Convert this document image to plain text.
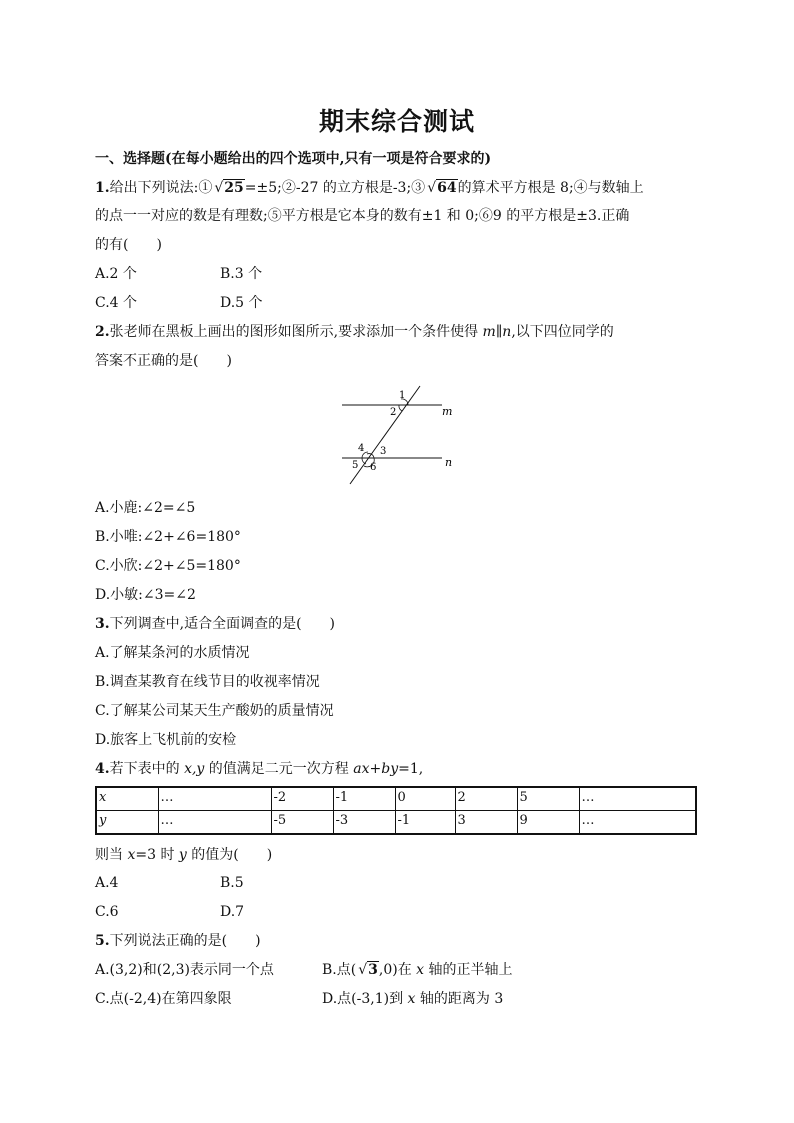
期末综合测试
一、选择题(在每小题给出的四个选项中,只有一项是符合要求的)
1.给出下列说法:① √25=±5;②-27 的立方根是-3;③ √64的算术平方根是 8;④与数轴上
的点一一对应的数是有理数;⑤平方根是它本身的数有±1 和 0;⑥9 的平方根是±3.正确
的有(　　)
A.2 个	B.3 个
C.4 个	D.5 个
2.张老师在黑板上画出的图形如图所示,要求添加一个条件使得 m∥n,以下四位同学的
答案不正确的是(　　)
1
2
3
4
5 6
m
n
A.小鹿:∠2=∠5
B.小唯:∠2+∠6=180°
C.小欣:∠2+∠5=180°
D.小敏:∠3=∠2
3.下列调查中,适合全面调查的是(　　)
A.了解某条河的水质情况
B.调查某教育在线节目的收视率情况
C.了解某公司某天生产酸奶的质量情况
D.旅客上飞机前的安检
4.若下表中的 x,y 的值满足二元一次方程 ax+by=1,
x	…	-2	-1	0	2	5	…
y	…	-5	-3	-1	3	9	…
则当 x=3 时 y 的值为(　　)
A.4	B.5
C.6	D.7
5.下列说法正确的是(　　)
A.(3,2)和(2,3)表示同一个点	B.点( √3,0)在 x 轴的正半轴上
C.点(-2,4)在第四象限	D.点(-3,1)到 x 轴的距离为 3
